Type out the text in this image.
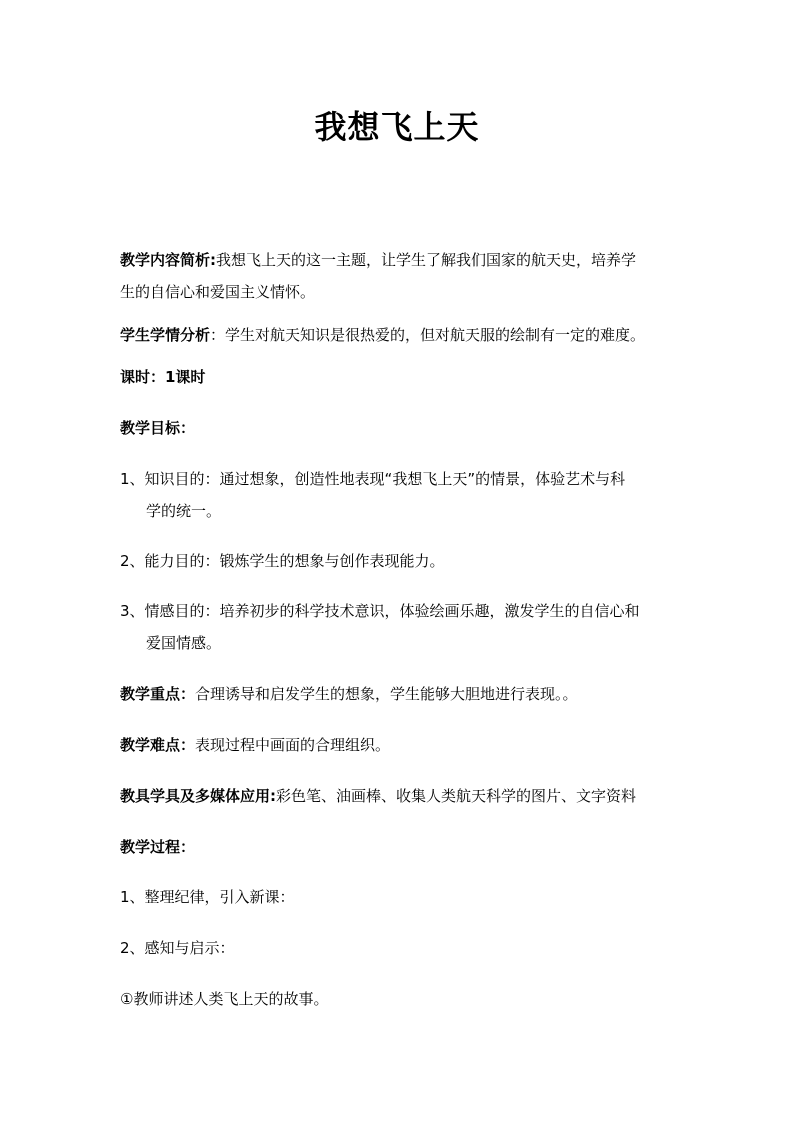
我想飞上天
教学内容简析:我想飞上天的这一主题，让学生了解我们国家的航天史，培养学
生的自信心和爱国主义情怀。
学生学情分析：学生对航天知识是很热爱的，但对航天服的绘制有一定的难度。
课时：1课时
教学目标：
1、知识目的：通过想象，创造性地表现“我想飞上天”的情景，体验艺术与科
学的统一。
2、能力目的：锻炼学生的想象与创作表现能力。
3、情感目的：培养初步的科学技术意识，体验绘画乐趣，激发学生的自信心和
爱国情感。
教学重点：合理诱导和启发学生的想象，学生能够大胆地进行表现。。
教学难点：表现过程中画面的合理组织。
教具学具及多媒体应用:彩色笔、油画棒、收集人类航天科学的图片、文字资料
教学过程：
1、整理纪律，引入新课：
2、感知与启示：
①教师讲述人类飞上天的故事。
